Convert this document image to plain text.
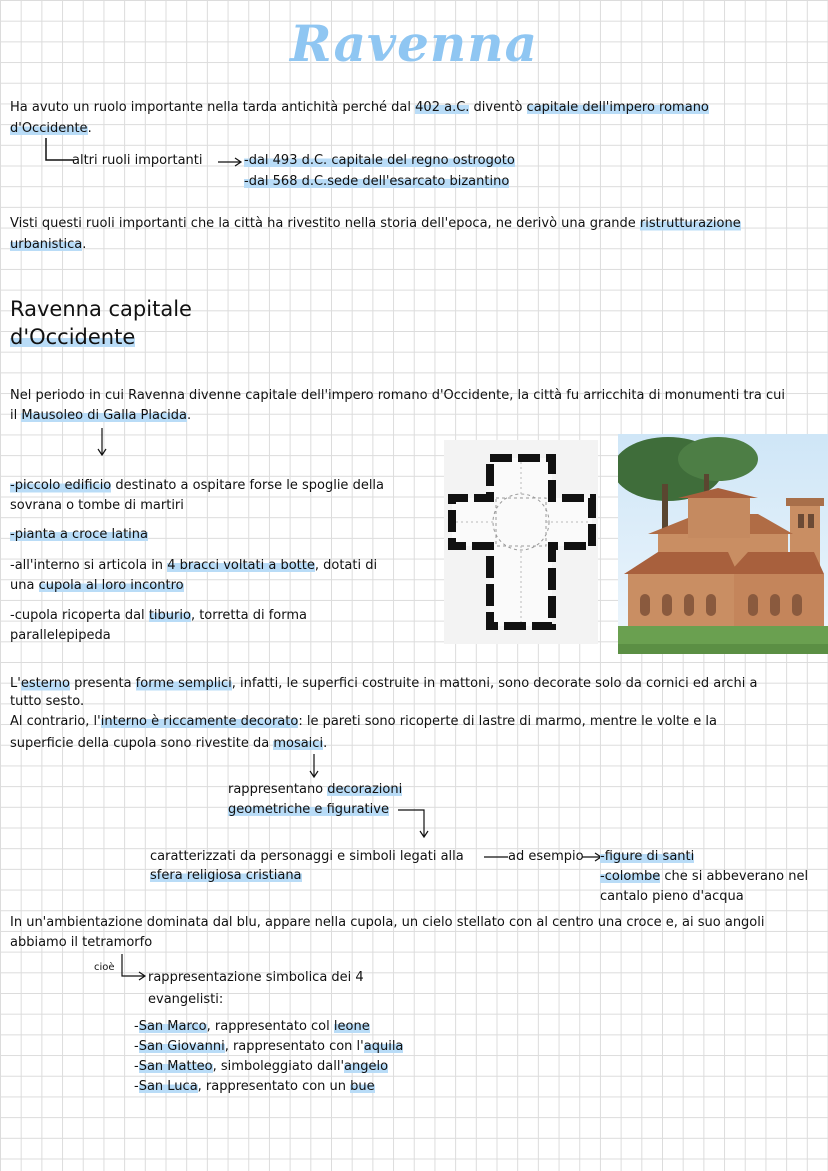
Ravenna
Ha avuto un ruolo importante nella tarda antichità perché dal 402 a.C. diventò capitale dell'impero romano
d'Occidente.
altri ruoli importanti	-dal 493 d.C. capitale del regno ostrogoto
-dal 568 d.C.sede dell'esarcato bizantino
Visti questi ruoli importanti che la città ha rivestito nella storia dell'epoca, ne derivò una grande ristrutturazione
urbanistica.
Ravenna capitale
d'Occidente
Nel periodo in cui Ravenna divenne capitale dell'impero romano d'Occidente, la città fu arricchita di monumenti tra cui
il Mausoleo di Galla Placida.
-piccolo edificio destinato a ospitare forse le spoglie della
sovrana o tombe di martiri
-pianta a croce latina
-all'interno si articola in 4 bracci voltati a botte, dotati di
una cupola al loro incontro
-cupola ricoperta dal tiburio, torretta di forma
parallelepipeda
L'esterno presenta forme semplici, infatti, le superfici costruite in mattoni, sono decorate solo da cornici ed archi a
tutto sesto.
Al contrario, l'interno è riccamente decorato: le pareti sono ricoperte di lastre di marmo, mentre le volte e la
superficie della cupola sono rivestite da mosaici.
rappresentano decorazioni
geometriche e figurative
caratterizzati da personaggi e simboli legati alla
sfera religiosa cristiana
ad esempio -figure di santi
-colombe che si abbeverano nel
cantalo pieno d'acqua
In un'ambientazione dominata dal blu, appare nella cupola, un cielo stellato con al centro una croce e, ai suo angoli
abbiamo il tetramorfo
cioè
rappresentazione simbolica dei 4
evangelisti:
-San Marco, rappresentato col leone
-San Giovanni, rappresentato con l'aquila
-San Matteo, simboleggiato dall'angelo
-San Luca, rappresentato con un bue
